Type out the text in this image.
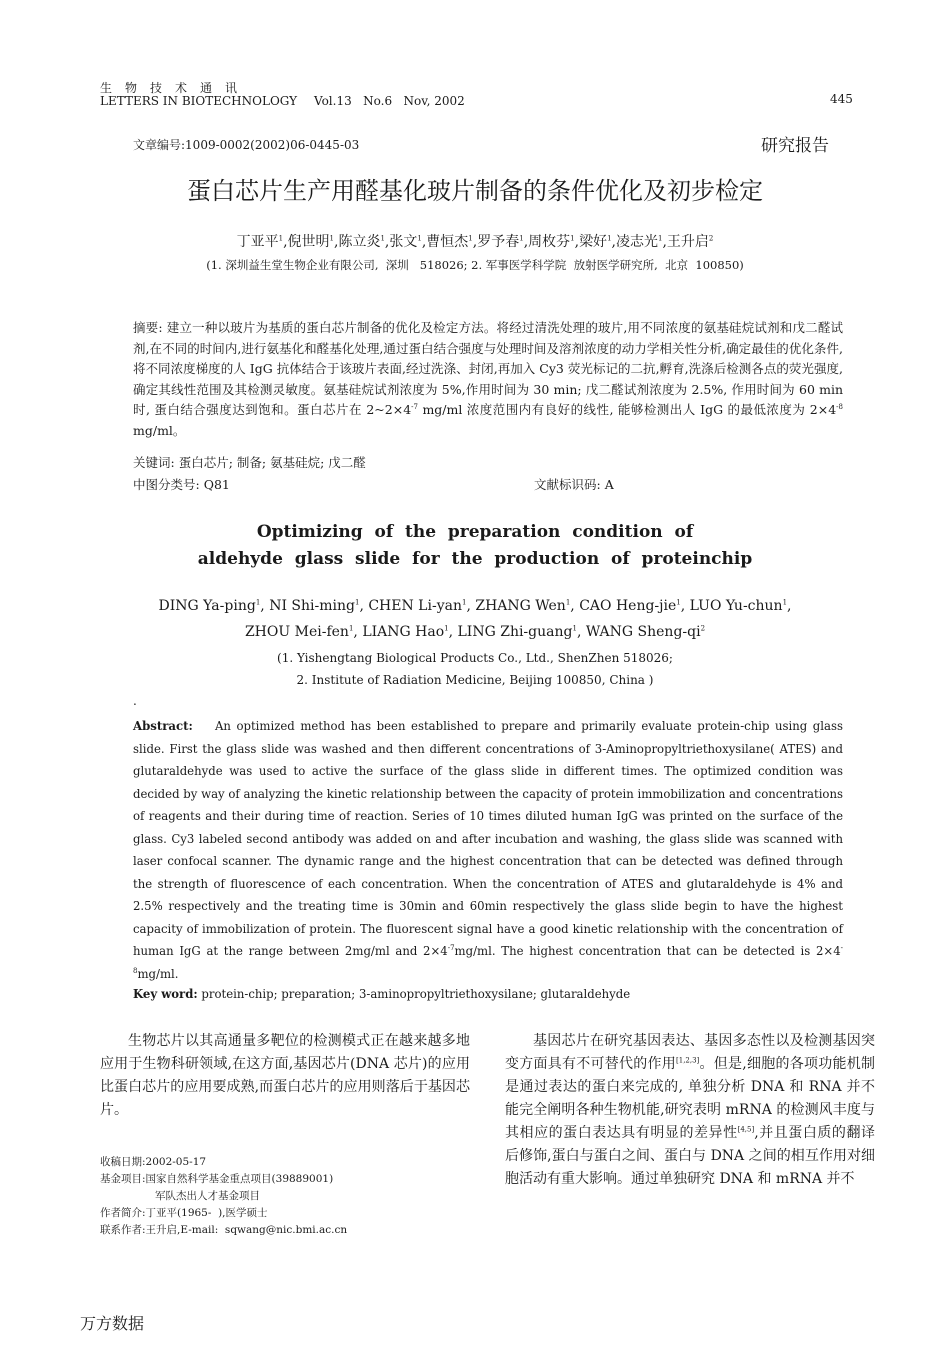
生物技术通讯
LETTERS IN BIOTECHNOLOGY Vol.13   No.6   Nov, 2002	445
文章编号:1009-0002(2002)06-0445-03	研究报告
蛋白芯片生产用醛基化玻片制备的条件优化及初步检定
丁亚平$^1$,倪世明$^1$,陈立炎$^1$,张文$^1$,曹恒杰$^1$,罗予春$^1$,周枚芬$^1$,梁好$^1$,凌志光$^1$,王升启$^2$
(1. 深圳益生堂生物企业有限公司,  深圳   518026; 2. 军事医学科学院  放射医学研究所,  北京  100850)
摘要: 建立一种以玻片为基质的蛋白芯片制备的优化及检定方法。将经过清洗处理的玻片,用不同浓度的氨基硅烷试剂和戊二醛试剂,在不同的时间内,进行氨基化和醛基化处理,通过蛋白结合强度与处理时间及溶剂浓度的动力学相关性分析,确定最佳的优化条件,将不同浓度梯度的人 IgG 抗体结合于该玻片表面,经过洗涤、封闭,再加入 Cy3 荧光标记的二抗,孵育,洗涤后检测各点的荧光强度,确定其线性范围及其检测灵敏度。氨基硅烷试剂浓度为 5%,作用时间为 30 min; 戊二醛试剂浓度为 2.5%, 作用时间为 60 min 时, 蛋白结合强度达到饱和。蛋白芯片在 $2\sim 2\times 4^{-7}$ mg/ml 浓度范围内有良好的线性, 能够检测出人 IgG 的最低浓度为 $2\times 4^{-8}$ mg/ml。
关键词: 蛋白芯片; 制备; 氨基硅烷; 戊二醛
中图分类号: Q81	文献标识码: A
Optimizing  of  the  preparation  condition  of
aldehyde  glass  slide  for  the  production  of  proteinchip
DING Ya-ping$^1$, NI Shi-ming$^1$, CHEN Li-yan$^1$, ZHANG Wen$^1$, CAO Heng-jie$^1$, LUO Yu-chun$^1$,
ZHOU Mei-fen$^1$, LIANG Hao$^1$, LING Zhi-guang$^1$, WANG Sheng-$qi^2$
(1. Yishengtang Biological Products Co., Ltd., ShenZhen 518026;
2. Institute of Radiation Medicine, Beijing 100850, China )
.
Abstract: An optimized method has been established to prepare and primarily evaluate protein-chip using glass slide. First the glass slide was washed and then different concentrations of 3-Aminopropyltriethoxysilane( ATES) and glutaraldehyde was used to active the surface of the glass slide in different times. The optimized condition was decided by way of analyzing the kinetic relationship between the capacity of protein immobilization and concentrations of reagents and their during time of reaction. Series of 10 times diluted human IgG was printed on the surface of the glass. Cy3 labeled second antibody was added on and after incubation and washing, the glass slide was scanned with laser confocal scanner. The dynamic range and the highest concentration that can be detected was defined through the strength of fluorescence of each concentration. When the concentration of ATES and glutaraldehyde is 4% and 2.5% respectively and the treating time is 30min and 60min respectively the glass slide begin to have the highest capacity of immobilization of protein. The fluorescent signal have a good kinetic relationship with the concentration of human IgG at the range between 2mg/ml and $2\times 4^{-7}mg/ml$. The highest concentration that can be detected is $2\times 4^{-8}mg/ml$.
Key word: protein-chip; preparation; 3-aminopropyltriethoxysilane; glutaraldehyde
生物芯片以其高通量多靶位的检测模式正在越来越多地应用于生物科研领域,在这方面,基因芯片(DNA 芯片)的应用比蛋白芯片的应用要成熟,而蛋白芯片的应用则落后于基因芯片。
收稿日期:2002-05-17
基金项目:国家自然科学基金重点项目(39889001)
军队杰出人才基金项目
作者简介:丁亚平(1965-  ),医学硕士
联系作者:王升启,E-mail:  sqwang@nic.bmi.ac.cn
基因芯片在研究基因表达、基因多态性以及检测基因突变方面具有不可替代的作用[1,2,3]。但是,细胞的各项功能机制是通过表达的蛋白来完成的, 单独分析 DNA 和 RNA 并不能完全阐明各种生物机能,研究表明 mRNA 的检测风丰度与其相应的蛋白表达具有明显的差异性[4,5],并且蛋白质的翻译后修饰,蛋白与蛋白之间、蛋白与 DNA 之间的相互作用对细胞活动有重大影响。通过单独研究 DNA 和 mRNA 并不
万方数据
